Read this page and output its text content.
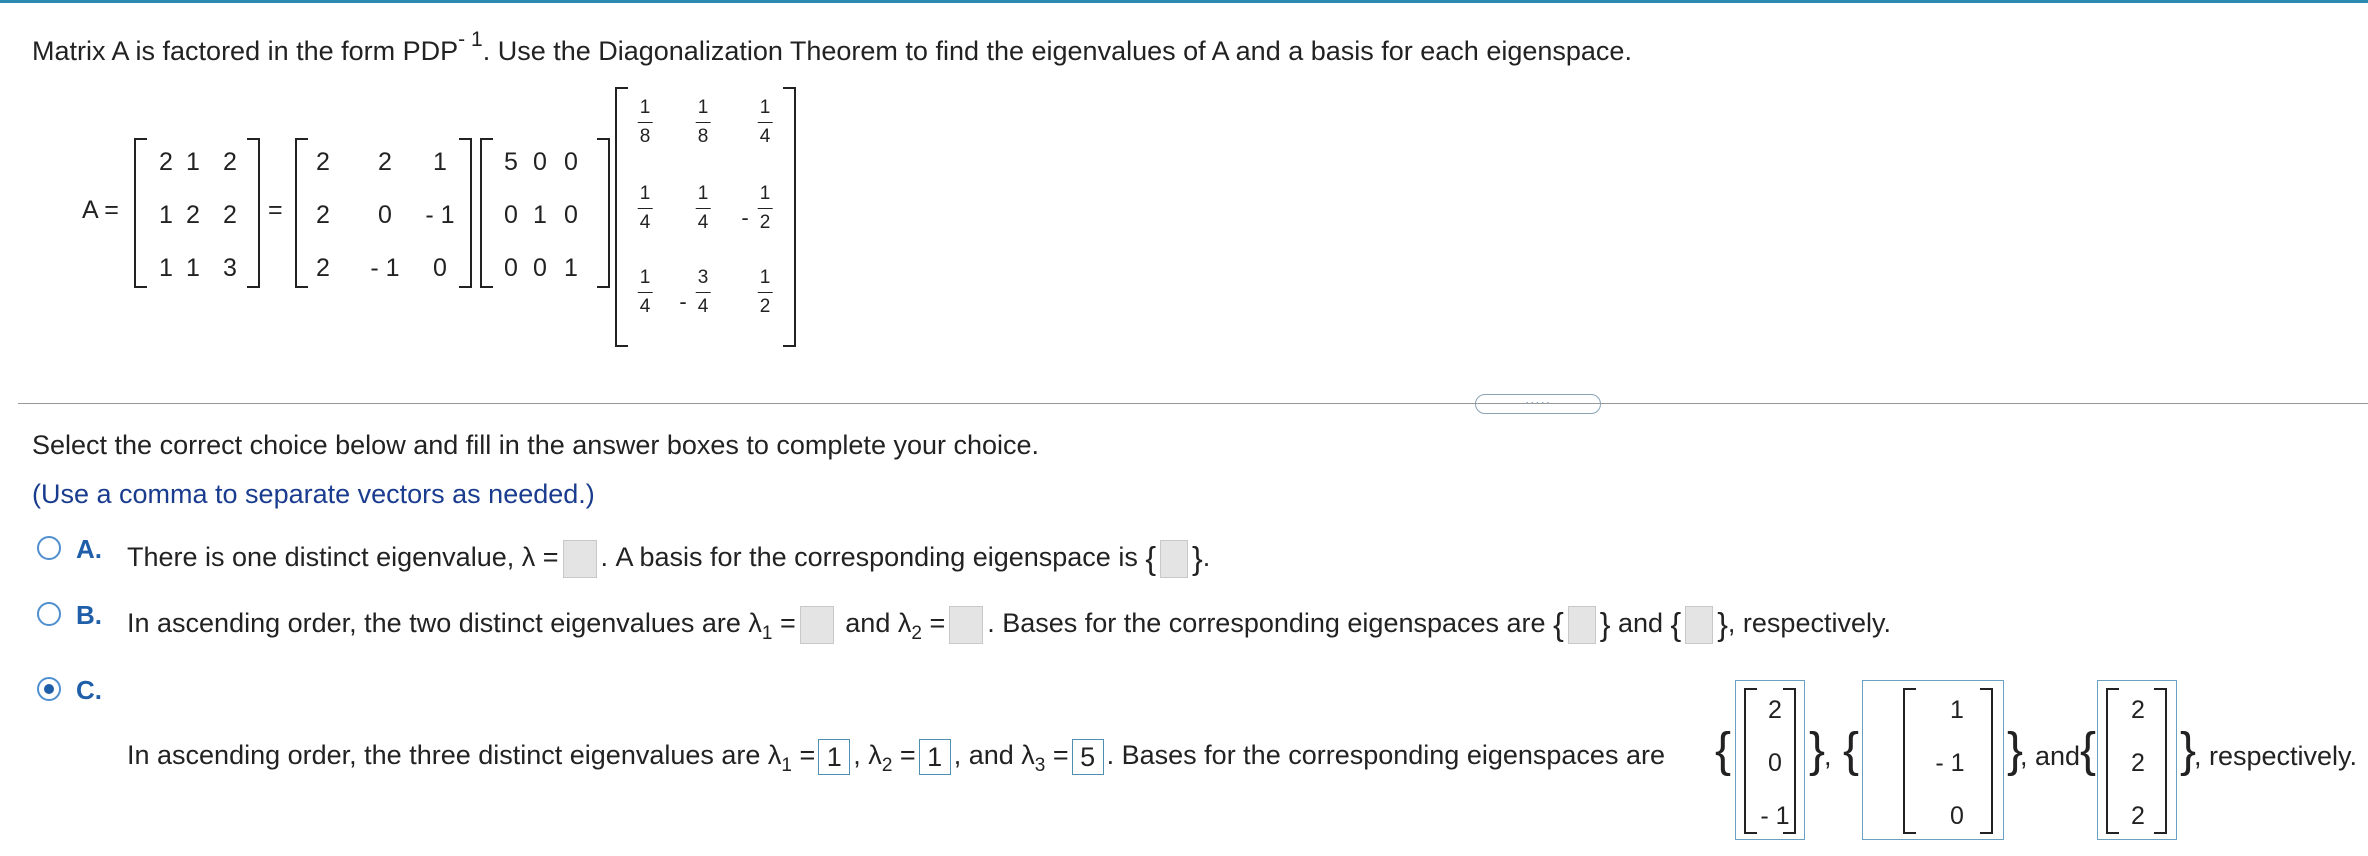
Matrix A is factored in the form $PDP^{- 1}$. Use the Diagonalization Theorem to find the eigenvalues of A and a basis for each eigenspace.
A =	=
2 1 2
1 2 2
1 1 3
2 2 1
2 0 - 1
2 - 1 0
5 0 0
0 1 0
0 0 1
1
8
1
8
1
4
1
4
1
4
1
2
-
1
4
3
4
-
1
2
.....
Select the correct choice below and fill in the answer boxes to complete your choice.
(Use a comma to separate vectors as needed.)
A. There is one distinct eigenvalue, λ = . A basis for the corresponding eigenspace is { }.
B. In ascending order, the two distinct eigenvalues are $\lambda_1$ = and $\lambda_2$ = . Bases for the corresponding eigenspaces are { } and { }, respectively.
C.
In ascending order, the three distinct eigenvalues are $\lambda_1 = 1$ , $\lambda_2 = 1$ , and $\lambda_3 = 5$ . Bases for the corresponding eigenspaces are {
2
0
- 1
}
, {
1
- 1
0
}
, and {
2
2
2
}
, respectively.
